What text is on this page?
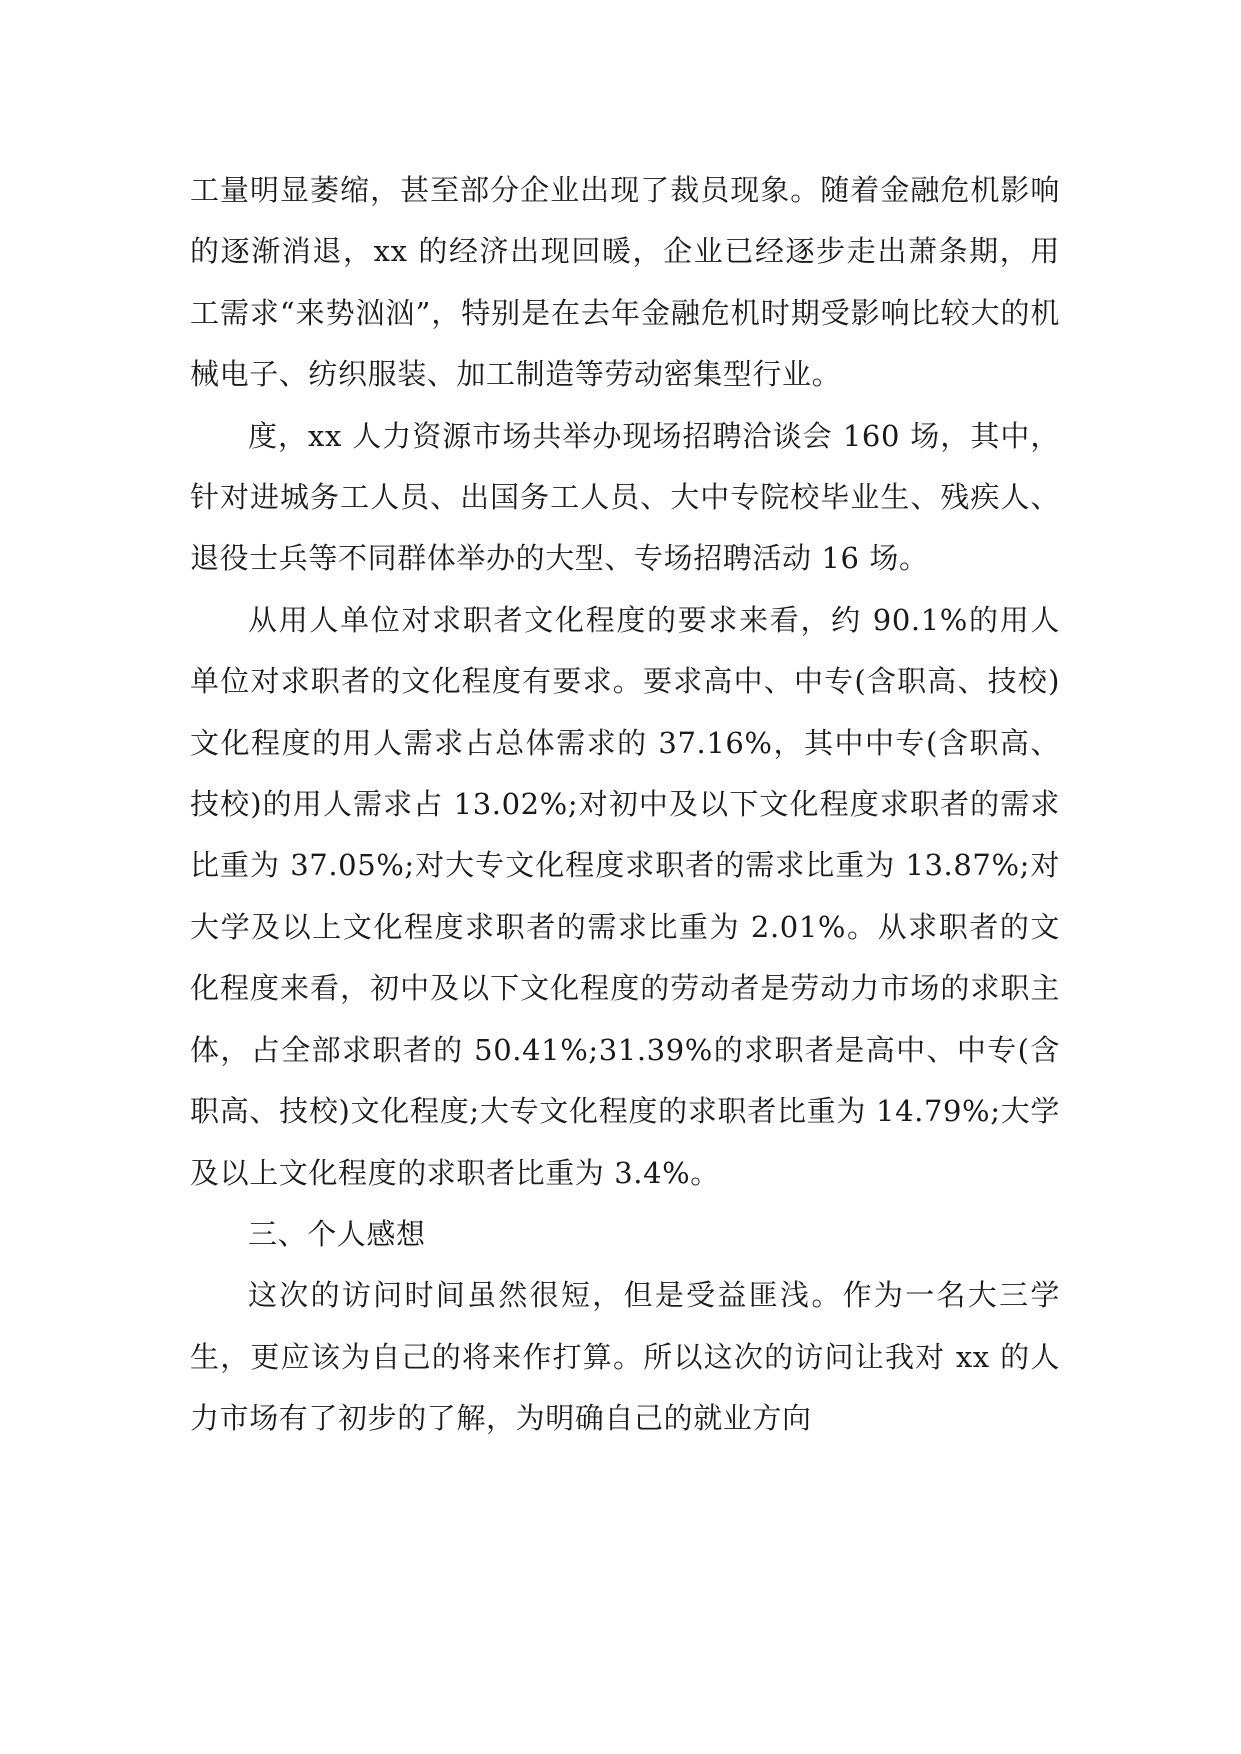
工量明显萎缩，甚至部分企业出现了裁员现象。随着金融危机影响的逐渐消退，xx 的经济出现回暖，企业已经逐步走出萧条期，用工需求“来势汹汹”，特别是在去年金融危机时期受影响比较大的机械电子、纺织服装、加工制造等劳动密集型行业。

度，xx 人力资源市场共举办现场招聘洽谈会 160 场，其中，针对进城务工人员、出国务工人员、大中专院校毕业生、残疾人、退役士兵等不同群体举办的大型、专场招聘活动 16 场。

从用人单位对求职者文化程度的要求来看，约 90.1%的用人单位对求职者的文化程度有要求。要求高中、中专(含职高、技校)文化程度的用人需求占总体需求的 37.16%，其中中专(含职高、技校)的用人需求占 13.02%;对初中及以下文化程度求职者的需求比重为 37.05%;对大专文化程度求职者的需求比重为 13.87%;对大学及以上文化程度求职者的需求比重为 2.01%。从求职者的文化程度来看，初中及以下文化程度的劳动者是劳动力市场的求职主体，占全部求职者的 50.41%;31.39%的求职者是高中、中专(含职高、技校)文化程度;大专文化程度的求职者比重为 14.79%;大学及以上文化程度的求职者比重为 3.4%。

三、个人感想

这次的访问时间虽然很短，但是受益匪浅。作为一名大三学生，更应该为自己的将来作打算。所以这次的访问让我对 xx 的人力市场有了初步的了解，为明确自己的就业方向
